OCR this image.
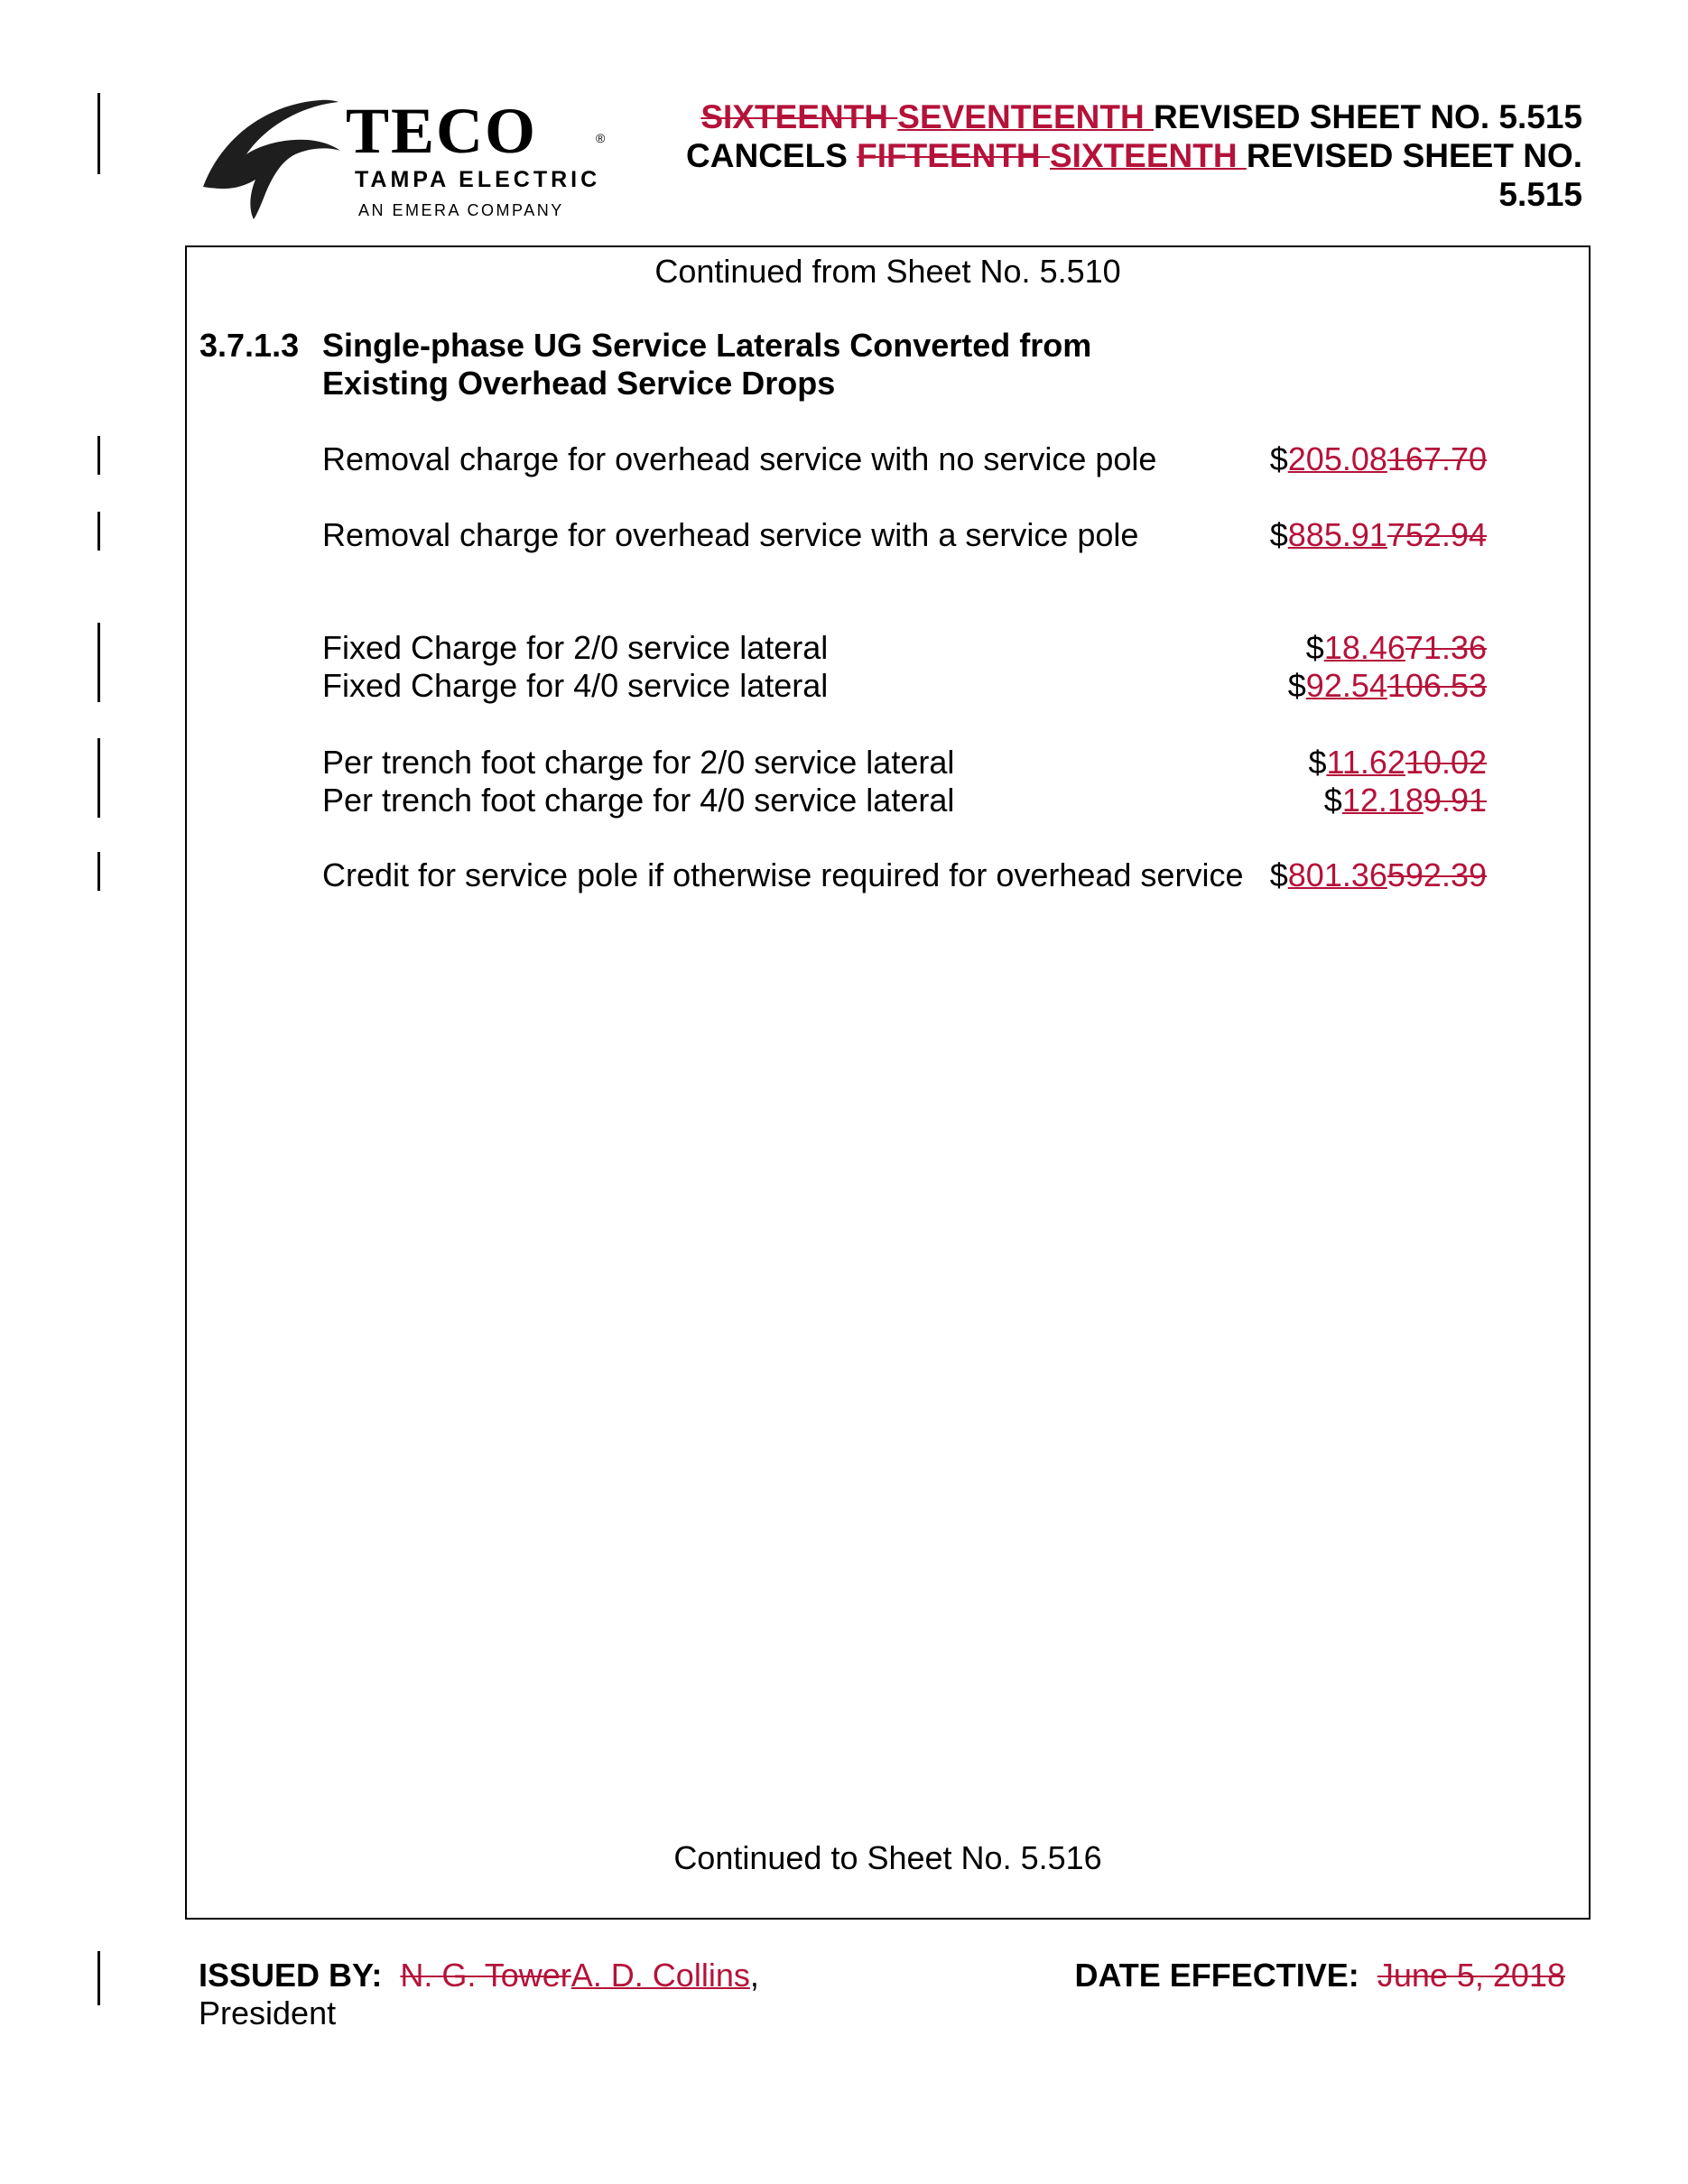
TECO	®
TAMPA ELECTRIC
AN EMERA COMPANY
SIXTEENTH SEVENTEENTH REVISED SHEET NO. 5.515
CANCELS FIFTEENTH SIXTEENTH REVISED SHEET NO.
5.515
Continued from Sheet No. 5.510
3.7.1.3 Single-phase UG Service Laterals Converted from
Existing Overhead Service Drops
Removal charge for overhead service with no service pole	$205.08167.70
Removal charge for overhead service with a service pole	$885.91752.94
Fixed Charge for 2/0 service lateral	$18.4671.36
Fixed Charge for 4/0 service lateral	$92.54106.53
Per trench foot charge for 2/0 service lateral	$11.6210.02
Per trench foot charge for 4/0 service lateral	$12.189.91
Credit for service pole if otherwise required for overhead service $801.36592.39
Continued to Sheet No. 5.516
ISSUED BY: N. G. TowerA. D. Collins,
President
DATE EFFECTIVE: June 5, 2018
